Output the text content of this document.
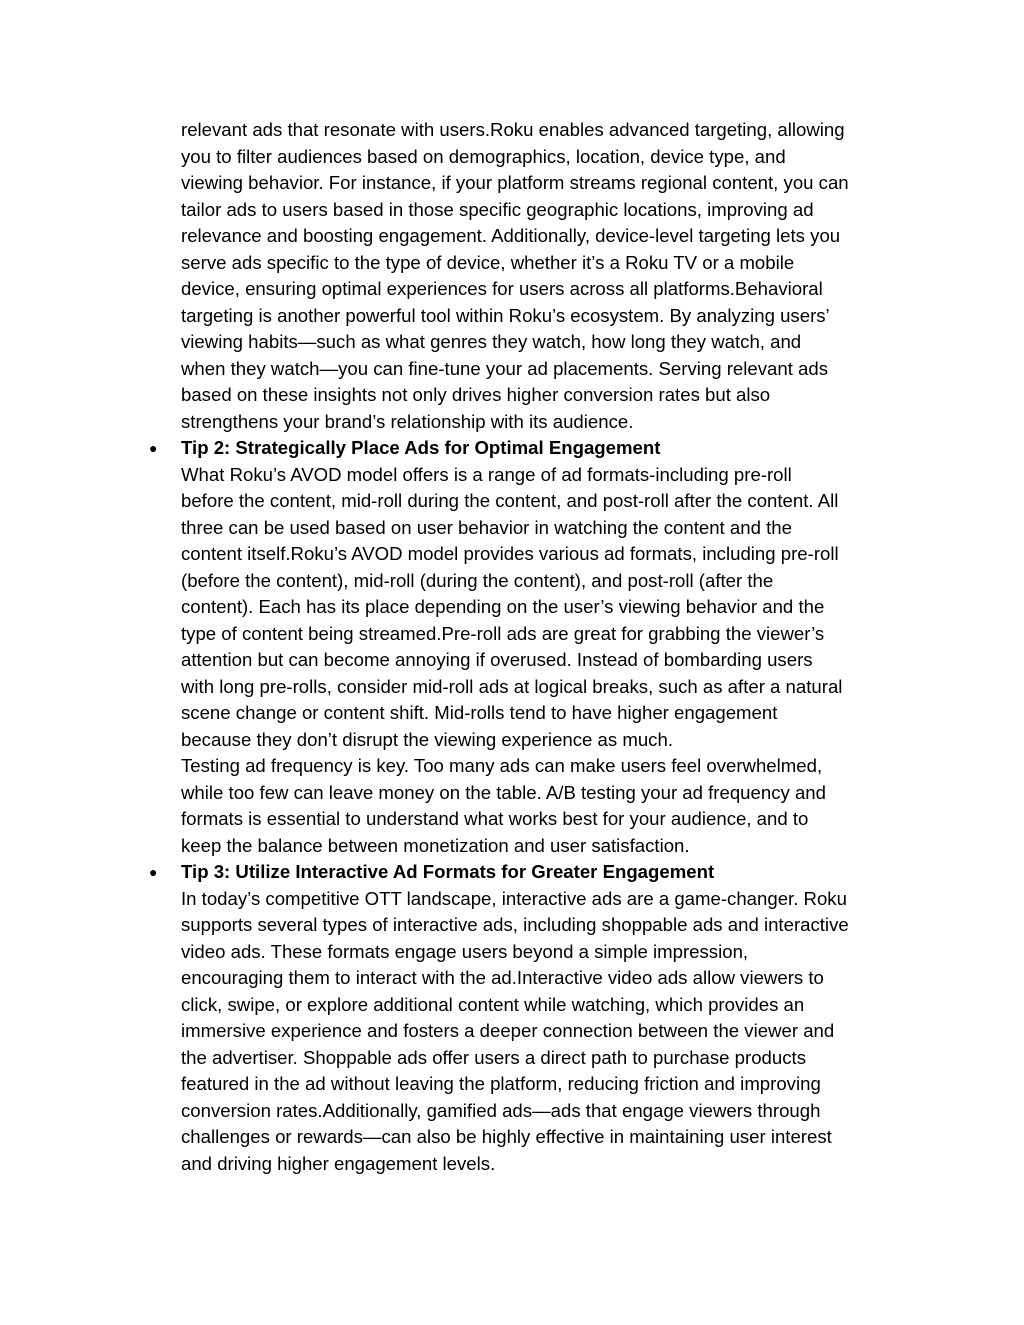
relevant ads that resonate with users.Roku enables advanced targeting, allowing
you to filter audiences based on demographics, location, device type, and
viewing behavior. For instance, if your platform streams regional content, you can
tailor ads to users based in those specific geographic locations, improving ad
relevance and boosting engagement. Additionally, device-level targeting lets you
serve ads specific to the type of device, whether it’s a Roku TV or a mobile
device, ensuring optimal experiences for users across all platforms.Behavioral
targeting is another powerful tool within Roku’s ecosystem. By analyzing users’
viewing habits—such as what genres they watch, how long they watch, and
when they watch—you can fine-tune your ad placements. Serving relevant ads
based on these insights not only drives higher conversion rates but also
strengthens your brand’s relationship with its audience.
● Tip 2: Strategically Place Ads for Optimal Engagement
What Roku’s AVOD model offers is a range of ad formats-including pre-roll
before the content, mid-roll during the content, and post-roll after the content. All
three can be used based on user behavior in watching the content and the
content itself.Roku’s AVOD model provides various ad formats, including pre-roll
(before the content), mid-roll (during the content), and post-roll (after the
content). Each has its place depending on the user’s viewing behavior and the
type of content being streamed.Pre-roll ads are great for grabbing the viewer’s
attention but can become annoying if overused. Instead of bombarding users
with long pre-rolls, consider mid-roll ads at logical breaks, such as after a natural
scene change or content shift. Mid-rolls tend to have higher engagement
because they don’t disrupt the viewing experience as much.
Testing ad frequency is key. Too many ads can make users feel overwhelmed,
while too few can leave money on the table. A/B testing your ad frequency and
formats is essential to understand what works best for your audience, and to
keep the balance between monetization and user satisfaction.
● Tip 3: Utilize Interactive Ad Formats for Greater Engagement
In today’s competitive OTT landscape, interactive ads are a game-changer. Roku
supports several types of interactive ads, including shoppable ads and interactive
video ads. These formats engage users beyond a simple impression,
encouraging them to interact with the ad.Interactive video ads allow viewers to
click, swipe, or explore additional content while watching, which provides an
immersive experience and fosters a deeper connection between the viewer and
the advertiser. Shoppable ads offer users a direct path to purchase products
featured in the ad without leaving the platform, reducing friction and improving
conversion rates.Additionally, gamified ads—ads that engage viewers through
challenges or rewards—can also be highly effective in maintaining user interest
and driving higher engagement levels.
